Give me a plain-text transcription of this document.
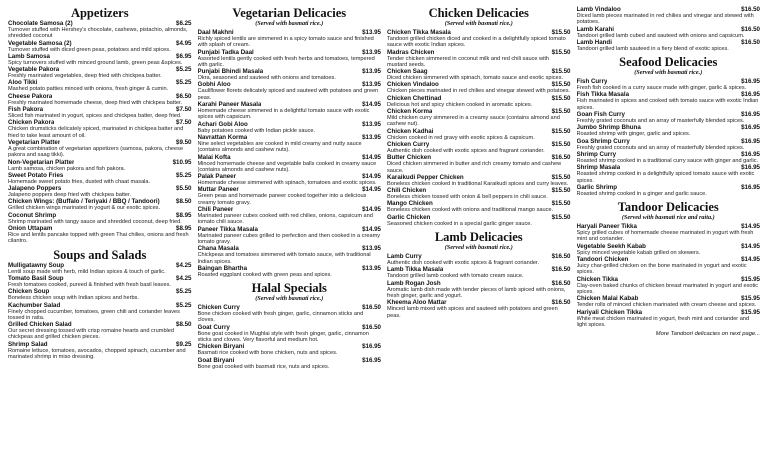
Appetizers
Chocolate Samosa (2)	$6.25
Turnover stuffed with Hershey's chocolate, cashews, pistachio, almonds, shredded coconut
Vegetable Samosa (2)	$4.95
Turnover stuffed with diced green peas, potatoes and mild spices.
Lamb Samosa	$6.95
Spicy turnovers stuffed with minced ground lamb, green peas &spices.
Vegetable Pakora	$5.25
Freshly marinated vegetables, deep fried with chickpea batter.
Aloo Tikki	$5.25
Mashed potato patties minced with onions, fresh ginger & cumin.
Cheese Pakora	$6.50
Freshly marinated homemade cheese, deep fried with chickpea batter.
Fish Pakora	$7.50
Sliced fish marinated in yogurt, spices and chickpea batter, deep fried.
Chicken Pakora	$7.50
Chicken drumsticks delicately spiced, marinated in chickpea batter and fried to take least amount of oil.
Vegetarian Platter	$9.50
A great combination of vegetarian appetizers (samosa, pakora, cheese pakora and saag tikki).
Non-Vegetarian Platter	$10.95
Lamb samosa, chicken pakora and fish pakora.
Sweet Potato Fries	$5.25
Homemade sweet potato fries, dusted with chaat masala.
Jalapeno Poppers	$5.50
Jalapeno poppers deep fried with chickpea batter.
Chicken Wings: (Buffalo / Teriyaki / BBQ / Tandoori)	$8.50
Grilled chicken wings marinated in yogurt & our exotic spices.
Coconut Shrimp	$8.95
Shrimp marinated with tangy sauce and shredded coconut, deep fried.
Onion Uttapam	$8.95
Rice and lentils pancake topped with green Thai chilies, onions and fresh cilantro.
Soups and Salads
Mulligatawny Soup	$4.25
Lentil soup made with herb, mild Indian spices & touch of garlic.
Tomato Basil Soup	$4.25
Fresh tomatoes cooked, pureed & finished with fresh basil leaves.
Chicken Soup	$5.25
Boneless chicken soup with Indian spices and herbs.
Kachumber Salad	$5.25
Finely chopped cucumber, tomatoes, green chili and coriander leaves tossed in raita.
Grilled Chicken Salad	$8.50
Our secret dressing tossed with crisp romaine hearts and crumbled chickpeas and grilled chicken pieces.
Shrimp Salad	$9.25
Romaine lettuce, tomatoes, avocados, chopped spinach, cucumber and marinated shrimp in miso dressing.
Vegetarian Delicacies
(Served with basmati rice.)
Daal Makhni	$13.95
Richly spiced lentils are simmered in a spicy tomato sauce and finished with splash of cream.
Punjabi Tadka Daal	$13.95
Assorted lentils gently cooked with fresh herbs and tomatoes, tempered with garlic.
Punjabi Bhindi Masala	$13.95
Okra, seasoned and sauteed with onions and tomatoes.
Gobhi Aloo	$13.95
Cauliflower florets delicately spiced and sauteed with potatoes and green peas.
Karahi Paneer Masala	$14.95
Homemade cheese simmered in a delightful tomato sauce with exotic spices with capsicum.
Achari Gobi Aloo	$13.95
Baby potatoes cooked with Indian pickle sauce.
Navrattan Korma	$13.95
Nine select vegetables are cooked in mild creamy and nutty sauce (contains almonds and cashew nuts).
Malai Kofta	$14.95
Minced homemade cheese and vegetable balls cooked in creamy sauce (contains almonds and cashew nuts).
Palak Paneer	$14.95
Homemade cheese simmered with spinach, tomatoes and exotic spices.
Muttar Paneer	$14.95
Green peas and homemade paneer cooked together into a delicious creamy tomato gravy.
Chili Paneer	$14.95
Marinated paneer cubes cooked with red chilies, onions, capsicum and tomato chili sauce.
Paneer Tikka Masala	$14.95
Marinated paneer cubes grilled to perfection and then cooked in a creamy tomato gravy.
Chana Masala	$13.95
Chickpeas and tomatoes simmered with tomato sauce, with traditional Indian spices.
Baingan Bhartha	$13.95
Roasted eggplant cooked with green peas and spices.
Halal Specials
(Served with basmati rice.)
Chicken Curry	$16.50
Bone chicken cooked with fresh ginger, garlic, cinnamon sticks and cloves.
Goat Curry	$16.50
Bone goat cooked in Mughlai style with fresh ginger, garlic, cinnamon sticks and cloves. Very flavorful and medium hot.
Chicken Biryani	$16.95
Basmati rice cooked with bone chicken, nuts and spices.
Goat Biryani	$16.95
Bone goat cooked with basmati rice, nuts and spices.
Chicken Delicacies
(Served with basmati rice.)
Chicken Tikka Masala	$15.50
Tandoori grilled chicken diced and cooked in a delightfully spiced tomato sauce with exotic Indian spices.
Madras Chicken	$15.50
Tender chicken simmered in coconut milk and red chili sauce with mustard seeds.
Chicken Saag	$15.50
Diced chicken simmered with spinach, tomato sauce and exotic spices.
Chicken Vindaloo	$15.50
Chicken pieces marinated in red chilies and vinegar stewed with potatoes.
Chicken Chettinad	$15.50
Delicious hot and spicy chicken cooked in aromatic spices.
Chicken Korma	$15.50
Mild chicken curry simmered in a creamy sauce (contains almond and cashew nut).
Chicken Kadhai	$15.50
Chicken cooked in red gravy with exotic spices & capsicum.
Chicken Curry	$15.50
Authentic dish cooked with exotic spices and fragrant coriander.
Butter Chicken	$16.50
Diced chicken simmered in butter and rich creamy tomato and cashew sauce.
Karaikudi Pepper Chicken	$15.50
Boneless chicken cooked in traditional Karaikudi spices and curry leaves.
Chili Chicken	$15.50
Boneless chicken tossed with onion & bell peppers in chili sauce.
Mango Chicken	$15.50
Boneless chicken cooked with onions and traditional mango sauce.
Garlic Chicken	$15.50
Seasoned chicken cooked in a special garlic ginger sauce.
Lamb Delicacies
(Served with basmati rice.)
Lamb Curry	$16.50
Authentic dish cooked with exotic spices & fragrant coriander.
Lamb Tikka Masala	$16.50
Tandoori grilled lamb cooked with tomato cream sauce.
Lamb Rogan Josh	$16.50
Aromatic lamb dish made with tender pieces of lamb spiced with onions, fresh ginger, garlic and yogurt.
Kheema Aloo Mattar	$16.50
Minced lamb mixed with spices and sauteed with potatoes and green peas.
Lamb Vindaloo	$16.50
Diced lamb pieces marinated in red chilies and vinegar and stewed with potatoes.
Lamb Karahi	$16.50
Tandoori grilled lamb cubed and sauteed with onions and capsicum.
Lamb Handi	$16.50
Tandoori grilled lamb sauteed in a fiery blend of exotic spices.
Seafood Delicacies
(Served with basmati rice.)
Fish Curry	$16.95
Fresh fish cooked in a curry sauce made with ginger, garlic & spices.
Fish Tikka Masala	$16.95
Fish marinated in spices and cooked with tomato sauce with exotic Indian spices.
Goan Fish Curry	$16.95
Freshly grated coconuts and an array of masterfully blended spices.
Jumbo Shrimp Bhuna	$16.95
Roasted shrimp with ginger, garlic and spices.
Goa Shrimp Curry	$16.95
Freshly grated coconuts and an array of masterfully blended spices.
Shrimp Curry	$16.95
Roasted shrimp cooked in a traditional curry sauce with ginger and garlic.
Shrimp Masala	$16.95
Roasted shrimp cooked in a delightfully spiced tomato sauce with exotic spices.
Garlic Shrimp	$16.95
Roasted shrimp cooked in a ginger and garlic sauce.
Tandoor Delicacies
(Served with basmati rice and raita.)
Haryali Paneer Tikka	$14.95
Spicy grilled cubes of homemade cheese marinated in yogurt with fresh mint and coriander.
Vegetable Seekh Kabab	$14.95
Spicy minced vegetable kabab grilled on skewers.
Tandoori Chicken	$14.95
Juicy char-grilled chicken on the bone marinated in yogurt and exotic spices.
Chicken Tikka	$15.95
Clay-oven baked chunks of chicken breast marinated in yogurt and exotic spices.
Chicken Malai Kabab	$15.95
Tender rolls of minced chicken marinated with cream cheese and spices.
Hariyali Chicken Tikka	$15.95
White meat chicken marinated in yogurt, fresh mint and coriander and light spices.
More Tandoori delicacies on next page...
